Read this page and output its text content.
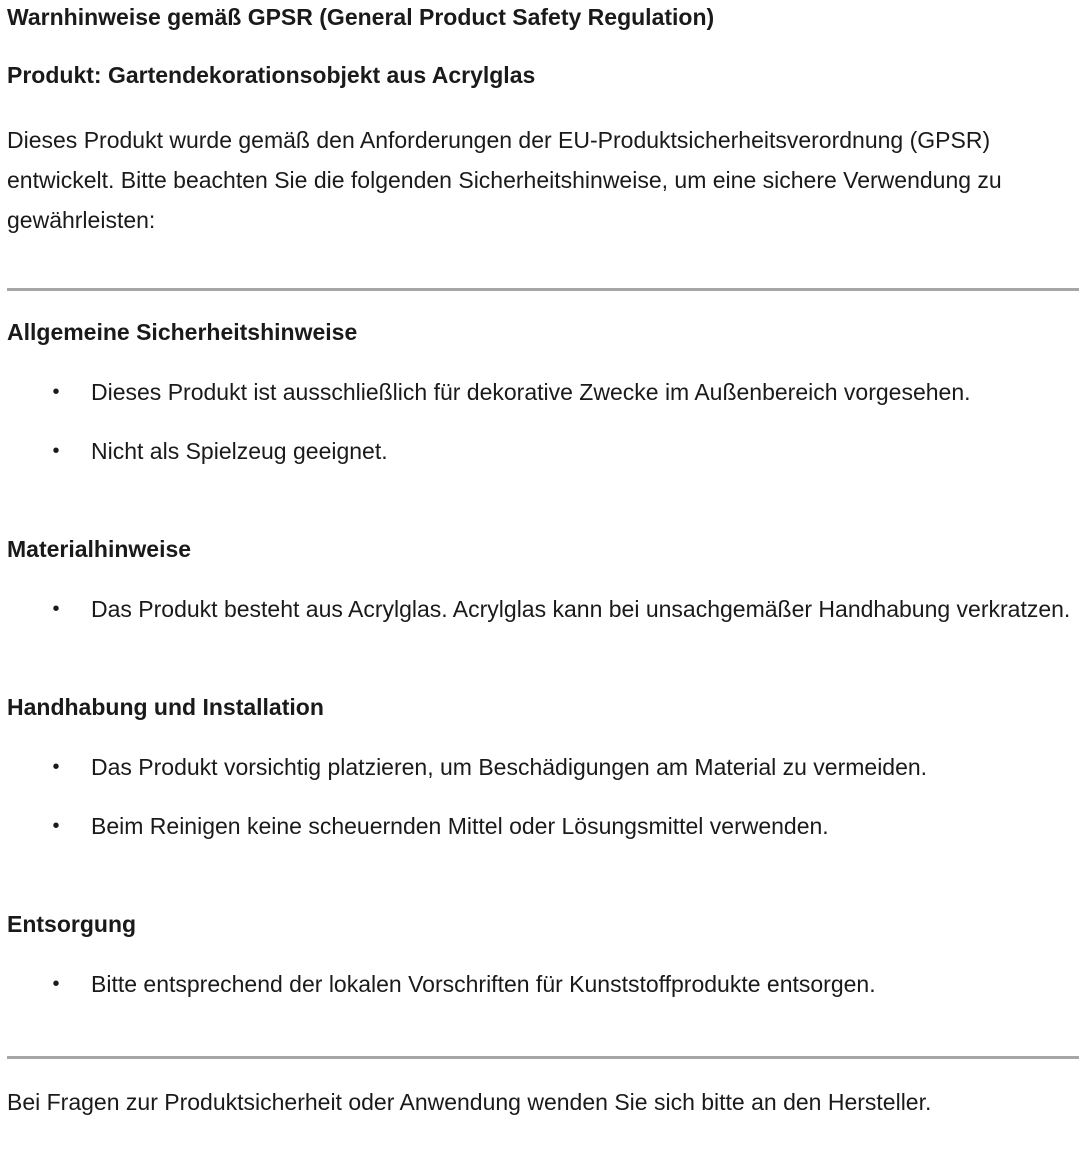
Warnhinweise gemäß GPSR (General Product Safety Regulation)
Produkt: Gartendekorationsobjekt aus Acrylglas

Dieses Produkt wurde gemäß den Anforderungen der EU-Produktsicherheitsverordnung (GPSR) entwickelt. Bitte beachten Sie die folgenden Sicherheitshinweise, um eine sichere Verwendung zu gewährleisten:

Allgemeine Sicherheitshinweise
• Dieses Produkt ist ausschließlich für dekorative Zwecke im Außenbereich vorgesehen.
• Nicht als Spielzeug geeignet.
Materialhinweise
• Das Produkt besteht aus Acrylglas. Acrylglas kann bei unsachgemäßer Handhabung verkratzen.
Handhabung und Installation
• Das Produkt vorsichtig platzieren, um Beschädigungen am Material zu vermeiden.
• Beim Reinigen keine scheuernden Mittel oder Lösungsmittel verwenden.
Entsorgung
• Bitte entsprechend der lokalen Vorschriften für Kunststoffprodukte entsorgen.

Bei Fragen zur Produktsicherheit oder Anwendung wenden Sie sich bitte an den Hersteller.
